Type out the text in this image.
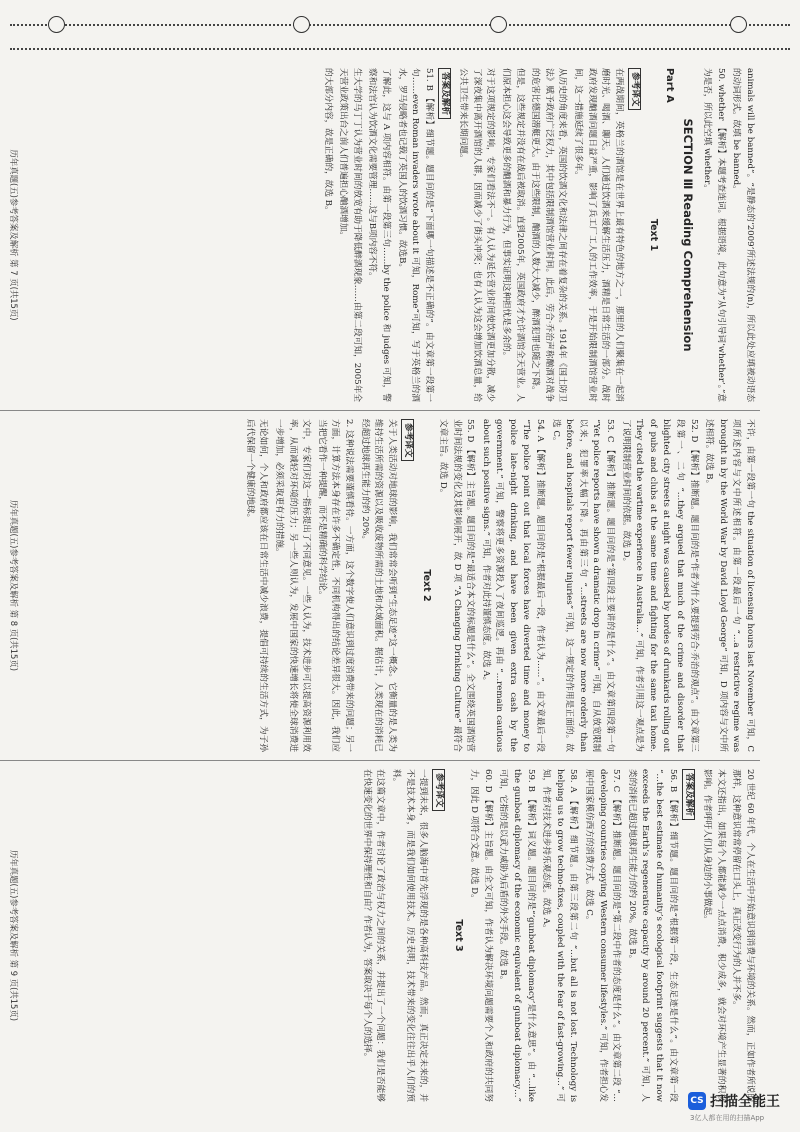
animals will be banned”。“是静态的‘2009’所述法规的(n)，所以此处应填被动语态的动词形式。故填 be banned。

50. whether 【解析】本题考查连词。根据语境，此句意为“从句引导词‘whether’。”意为是否，所以此空填 whether。

SECTION Ⅲ Reading Comprehension
Part A
Text 1
参考译文

在两战期间，英格兰的酒馆是在世界上最有特色的地方之一，那里的人们聚集在一起消磨时光、喝酒、聊天。人们通过饮酒来缓解生活压力，酒精是日常生活的一部分。战时政府发现酗酒问题日益严重，影响了兵工厂工人的工作效率，于是开始限制酒馆营业时间，这一措施延续了很多年。

从历史的角度来看，英国的饮酒文化和法律之间存在着复杂的关系。1914年《国土防卫法》赋予政府广泛权力，其中包括限制酒馆营业时间。此后，劳合·乔治声称酗酒对战争的危害比德国潜艇更大。由于这些限制，酗酒的人数大大减少，醉酒犯罪也随之下降。

但是，这些规定并没有在战后被取消。直到2005年，英国政府才允许酒馆全天营业。人们原本担心这会导致更多的酗酒和暴力行为，但事实证明这种担忧是多余的。

对于这项规定的影响，专家们看法不一。有人认为延长营业时间使饮酒更加分散，减少了深夜集中离开酒馆的人群，因而减少了街头冲突；也有人认为这会增加饮酒总量，给公共卫生带来长期问题。

答案及解析

51. B 【解析】细节题。题目问的是“下面哪一句描述是不正确的”。由文章第一段第一句……even Roman invaders wrote about it 可知，Rome“可知，写于英格兰的酒水，罗马侵略者也记载了英国人的饮酒习惯。故选B。

了解此，这与 A 项内容相符。由第一段第三句……by the police 和 judges 可知，警察和法官认为饮酒文化需要管理……这与B项内容不符。

生大学的马丁丁认为营业时间的放宽有助于降低醉酒现象……由第二段可知，2005年全天营业政策出台之前人们普遍担心酗酒增加。

的大部分内容，故是正确的，故选 B。

历年真题(五)参考答案及解析 第 7 页(共15页)

不许，由第一段第一句 the situation of licensing hours last November 可知，C 项所述内容与文中所述相符。由第一段最后一句 “…a restrictive regime was brought in by the World War by David Lloyd George” 可知，D 项内容与文中所述相符。故选 B。

52. D 【解析】推断题。题目问的是“作者为什么要提到劳合·乔治的观点”。由文章第三段第一、二句 “…they argued that much of the crime and disorder that blighted city streets at night was caused by hordes of drunkards rolling out of pubs and clubs at the same time and fighting for the same taxi home. They cited the wartime experience in Australia…” 可知，作者引用这一观点是为了说明限制营业时间的依据。故选 D。

53. C 【解析】推断题。题目问的是“第四段主要讲的是什么”。由文章第四段第一句 “Yet police reports have shown a dramatic drop in crime” 可知，自从放宽限制以来，犯罪率大幅下降。再由第三句 “…streets are now more orderly than before, and hospitals report fewer injuries” 可知，这一规定的作用是正面的。故选 C。

54. A 【解析】推断题。题目问的是“根据最后一段，作者认为……”。由文章最后一段 “The police point out that local forces have diverted time and money to police late-night drinking, and have been given extra cash by the government.” 可知，警察将更多资源投入了夜间巡逻。再由 “…remain cautious about such positive signs.” 可知，作者对此持谨慎态度。故选 A。

55. D 【解析】主旨题。题目问的是“最适合本文的标题是什么”。全文围绕英国酒馆营业时间法规的变化及其影响展开，故 D 项 “A Changing Drinking Culture” 最符合文章主旨。故选 D。

Text 2
参考译文

关于人类活动对地球的影响，我们常常会听到“生态足迹”这一概念。它衡量的是人类为维持生活所需的资源以及吸收废物所需的土地和水域面积。据估计，人类现在的消耗已经超过地球再生能力的约 20%。

2. 这种说法需要谨慎看待。一方面，这个数字使人们意识到过度消费带来的问题；另一方面，计算方法本身存在许多不确定性，不同机构得出的结论差异很大。因此，我们应当把它看作一种提醒，而不是精确的科学结论。

文中，专家们对这一指标提出了不同意见。一些人认为，技术进步可以提高资源利用效率，从而减轻对环境的压力；另一些人则认为，发展中国家的快速增长将使全球消费进一步增加，必须采取更有力的措施。

无论如何，个人和政府都应该在日常生活中减少浪费，提倡可持续的生活方式，为子孙后代保留一个健康的地球。

历年真题(五)参考答案及解析 第 8 页(共15页)

20 世纪 60 年代，个人在生活中开始意识到消费与环境的关系。然而，正如作者所说的那样，这种意识常常停留在口头上，真正改变行为的人并不多。

本文还指出，如果每个人都能减少一点点消费，积少成多，就会对环境产生显著的积极影响。作者呼吁人们从身边的小事做起。

答案及解析

56. B 【解析】细节题。题目问的是“根据第一段，生态足迹是什么”。由文章第一段 “…the best estimate of humanity’s ecological footprint suggests that it now exceeds the Earth’s regenerative capacity by around 20 percent.” 可知，人类的消耗已超过地球再生能力的约 20%。故选 B。

57. C 【解析】推断题。题目问的是“第二段中作者的态度是什么”。由文章第二段 “…developing countries copying Western consumer lifestyles.” 可知，作者担心发展中国家模仿西方的消费方式。故选 C。

58. A 【解析】细节题。由第三段第二句 “…but all is not lost. Technology is helping us to grow techno-fixes, coupled with the fear of fast-growing…” 可知，作者对技术进步持乐观态度。故选 A。

59. B 【解析】词义题。题目问的是“‘gunboat diplomacy’是什么意思”。由 “…like the gunboat diplomacy of the economic equivalent of gunboat diplomacy…” 可知，它指的是以武力威胁为后盾的外交手段。故选 B。

60. D 【解析】主旨题。由全文可知，作者认为解决环境问题需要个人和政府的共同努力，因此 D 项符合文意。故选 D。

Text 3
参考译文

一提到未来，很多人脑海中首先浮现的是各种高科技产品。然而，真正决定未来的，并不是技术本身，而是我们如何使用技术。历史表明，技术带来的变化往往出乎人们的预料。

在这篇文章中，作者讨论了政治与权力之间的关系，并提出了一个问题：我们是否能够在快速变化的世界中保持理性和自由？作者认为，答案取决于每个人的选择。

历年真题(五)参考答案及解析 第 9 页(共15页)
CS 扫描全能王
3亿人都在用的扫描App
